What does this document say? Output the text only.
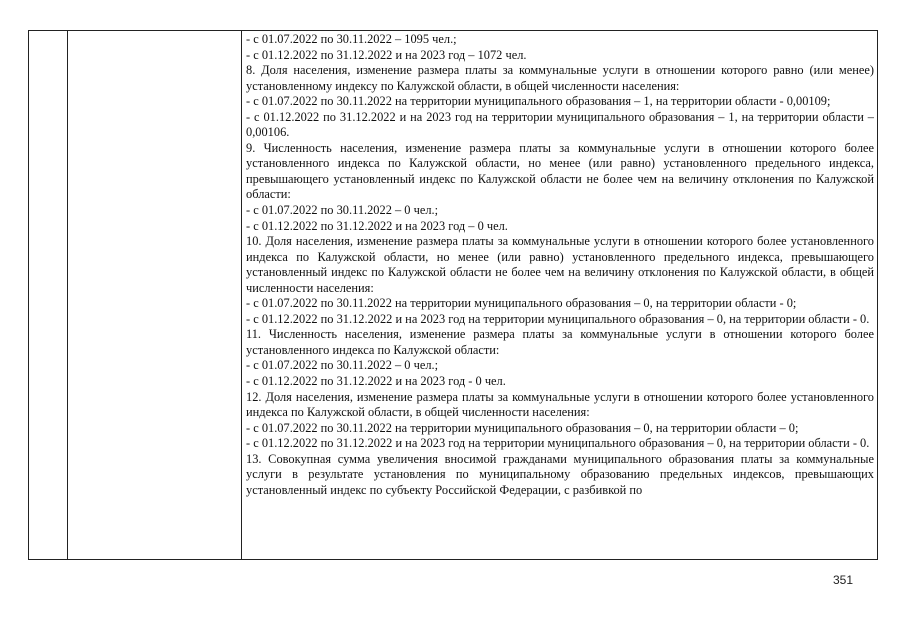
- с 01.07.2022 по 30.11.2022 – 1095 чел.;
- с 01.12.2022 по 31.12.2022 и на 2023 год – 1072 чел.
8. Доля населения, изменение размера платы за коммунальные услуги в отношении которого равно (или менее) установленному индексу по Калужской области, в общей численности населения:
- с 01.07.2022 по 30.11.2022 на территории муниципального образования – 1, на территории области - 0,00109;
- с 01.12.2022 по 31.12.2022 и на 2023 год на территории муниципального образования – 1, на территории области – 0,00106.
9. Численность населения, изменение размера платы за коммунальные услуги в отношении которого более установленного индекса по Калужской области, но менее (или равно) установленного предельного индекса, превышающего установленный индекс по Калужской области не более чем на величину отклонения по Калужской области:
- с 01.07.2022 по 30.11.2022 – 0 чел.;
- с 01.12.2022 по 31.12.2022 и на 2023 год – 0 чел.
10. Доля населения, изменение размера платы за коммунальные услуги в отношении которого более установленного индекса по Калужской области, но менее (или равно) установленного предельного индекса, превышающего установленный индекс по Калужской области не более чем на величину отклонения по Калужской области, в общей численности населения:
- с 01.07.2022 по 30.11.2022 на территории муниципального образования – 0, на территории области - 0;
- с 01.12.2022 по 31.12.2022 и на 2023 год на территории муниципального образования – 0, на территории области - 0.
11. Численность населения, изменение размера платы за коммунальные услуги в отношении которого более установленного индекса по Калужской области:
- с 01.07.2022 по 30.11.2022 – 0 чел.;
- с 01.12.2022 по 31.12.2022 и на 2023 год - 0 чел.
12. Доля населения, изменение размера платы за коммунальные услуги в отношении которого более установленного индекса по Калужской области, в общей численности населения:
- с 01.07.2022 по 30.11.2022 на территории муниципального образования – 0, на территории области – 0;
- с 01.12.2022 по 31.12.2022 и на 2023 год на территории муниципального образования – 0, на территории области - 0.
13. Совокупная сумма увеличения вносимой гражданами муниципального образования платы за коммунальные услуги в результате установления по муниципальному образованию предельных индексов, превышающих установленный индекс по субъекту Российской Федерации, с разбивкой по
351
